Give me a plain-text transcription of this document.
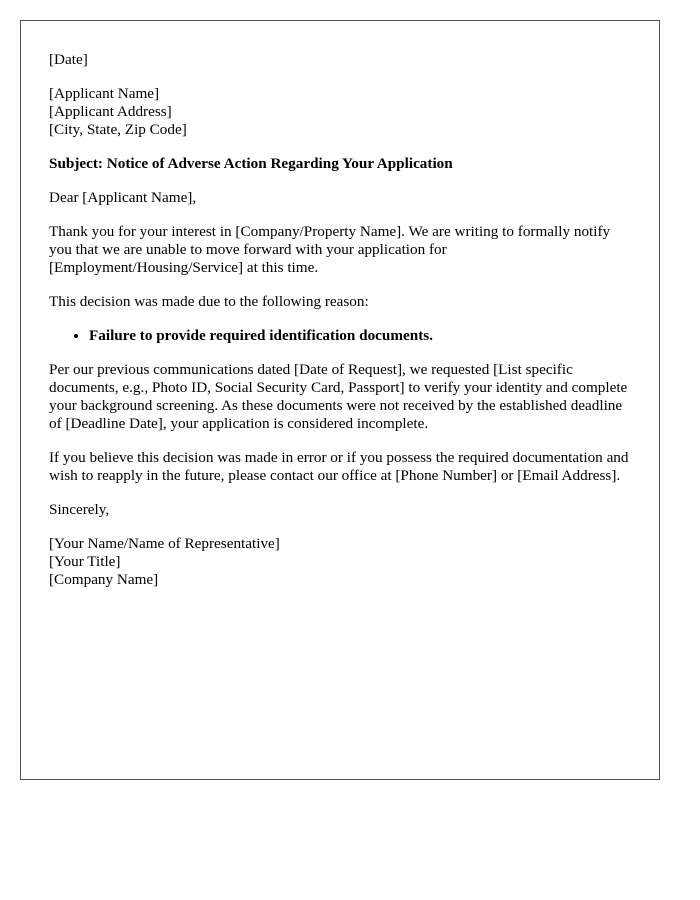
[Date]
[Applicant Name]
[Applicant Address]
[City, State, Zip Code]

Subject: Notice of Adverse Action Regarding Your Application

Dear [Applicant Name],

Thank you for your interest in [Company/Property Name]. We are writing to formally notify you that we are unable to move forward with your application for [Employment/Housing/Service] at this time.

This decision was made due to the following reason:

• Failure to provide required identification documents.

Per our previous communications dated [Date of Request], we requested [List specific documents, e.g., Photo ID, Social Security Card, Passport] to verify your identity and complete your background screening. As these documents were not received by the established deadline of [Deadline Date], your application is considered incomplete.

If you believe this decision was made in error or if you possess the required documentation and wish to reapply in the future, please contact our office at [Phone Number] or [Email Address].

Sincerely,

[Your Name/Name of Representative]
[Your Title]
[Company Name]
